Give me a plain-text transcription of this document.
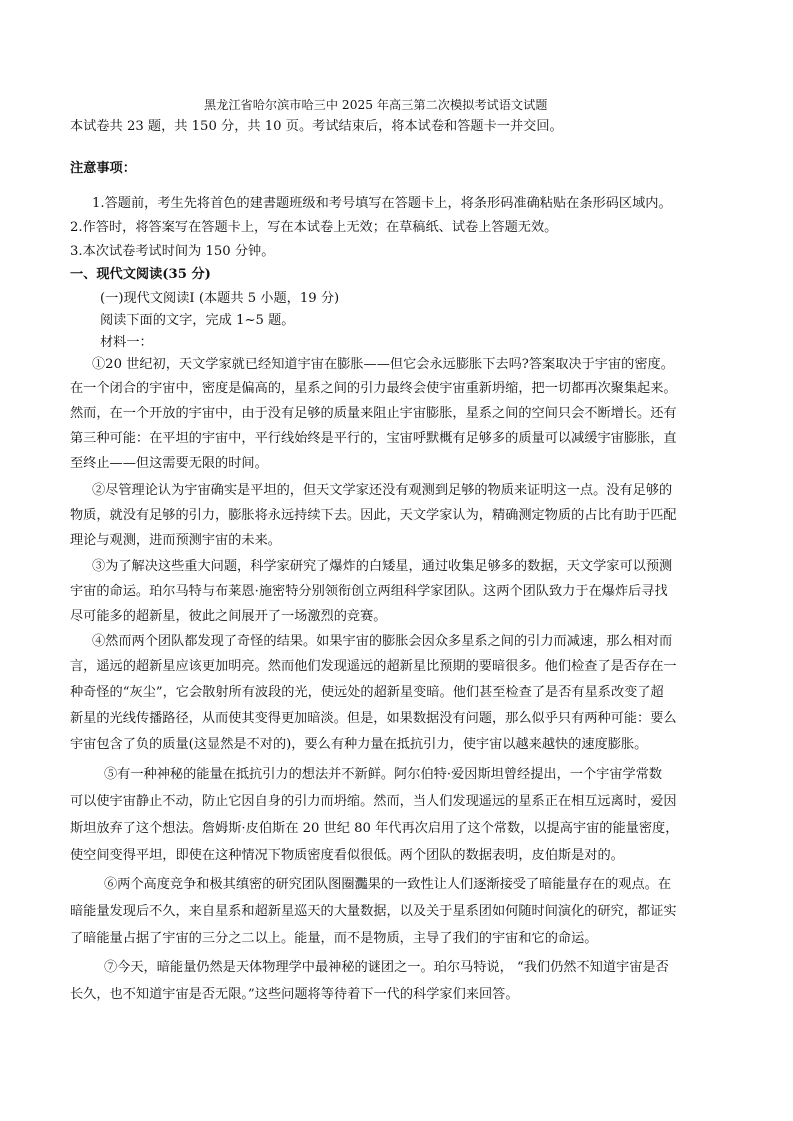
黑龙江省哈尔滨市哈三中 2025 年高三第二次模拟考试语文试题
本试卷共 23 题，共 150 分，共 10 页。考试结束后，将本试卷和答题卡一并交回。
注意事项：
1.答题前，考生先将首色的建書题班级和考号填写在答题卡上，将条形码准确粘贴在条形码区域内。
2.作答时，将答案写在答题卡上，写在本试卷上无效；在草稿纸、试卷上答题无效。
3.本次试卷考试时间为 150 分钟。
一、现代文阅读(35 分)
(一)现代文阅读Ⅰ (本题共 5 小题，19 分)
阅读下面的文字，完成 1~5 题。
材料一：
①20 世纪初，天文学家就已经知道宇宙在膨胀——但它会永远膨胀下去吗?答案取决于宇宙的密度。
在一个闭合的宇宙中，密度是偏高的，星系之间的引力最终会使宇宙重新坍缩，把一切都再次聚集起来。
然而，在一个开放的宇宙中，由于没有足够的质量来阻止宇宙膨胀，星系之间的空间只会不断增长。还有
第三种可能：在平坦的宇宙中，平行线始终是平行的，宝宙呼默概有足够多的质量可以减缓宇宙膨胀，直
至终止——但这需要无限的时间。
②尽管理论认为宇宙确实是平坦的，但天文学家还没有观测到足够的物质来证明这一点。没有足够的
物质，就没有足够的引力，膨胀将永远持续下去。因此，天文学家认为，精确测定物质的占比有助于匹配
理论与观测，进而预测宇宙的未来。
③为了解决这些重大问题，科学家研究了爆炸的白矮星，通过收集足够多的数据，天文学家可以预测
宇宙的命运。珀尔马特与布莱恩·施密特分别领衔创立两组科学家团队。这两个团队致力于在爆炸后寻找
尽可能多的超新星，彼此之间展开了一场激烈的竞赛。
④然而两个团队都发现了奇怪的结果。如果宇宙的膨胀会因众多星系之间的引力而减速，那么相对而
言，遥远的超新星应该更加明亮。然而他们发现遥远的超新星比预期的要暗很多。他们检查了是否存在一
种奇怪的“灰尘”，它会散射所有波段的光，使远处的超新星变暗。他们甚至检查了是否有星系改变了超
新星的光线传播路径，从而使其变得更加暗淡。但是，如果数据没有问题，那么似乎只有两种可能：要么
宇宙包含了负的质量(这显然是不对的)，要么有种力量在抵抗引力，使宇宙以越来越快的速度膨胀。
⑤有一种神秘的能量在抵抗引力的想法并不新鲜。阿尔伯特·爱因斯坦曾经提出，一个宇宙学常数
可以使宇宙静止不动，防止它因自身的引力而坍缩。然而，当人们发现遥远的星系正在相互远离时，爱因
斯坦放弃了这个想法。詹姆斯·皮伯斯在 20 世纪 80 年代再次启用了这个常数，以提高宇宙的能量密度，
使空间变得平坦，即使在这种情况下物质密度看似很低。两个团队的数据表明，皮伯斯是对的。
⑥两个高度竞争和极其缜密的研究团队图圈灩果的一致性让人们逐渐接受了暗能量存在的观点。在
暗能量发现后不久，来自星系和超新星巡天的大量数据，以及关于星系团如何随时间演化的研究，都证实
了暗能量占据了宇宙的三分之二以上。能量，而不是物质，主导了我们的宇宙和它的命运。
⑦今天，暗能量仍然是天体物理学中最神秘的谜团之一。珀尔马特说， “我们仍然不知道宇宙是否
长久，也不知道宇宙是否无限。”这些问题将等待着下一代的科学家们来回答。
